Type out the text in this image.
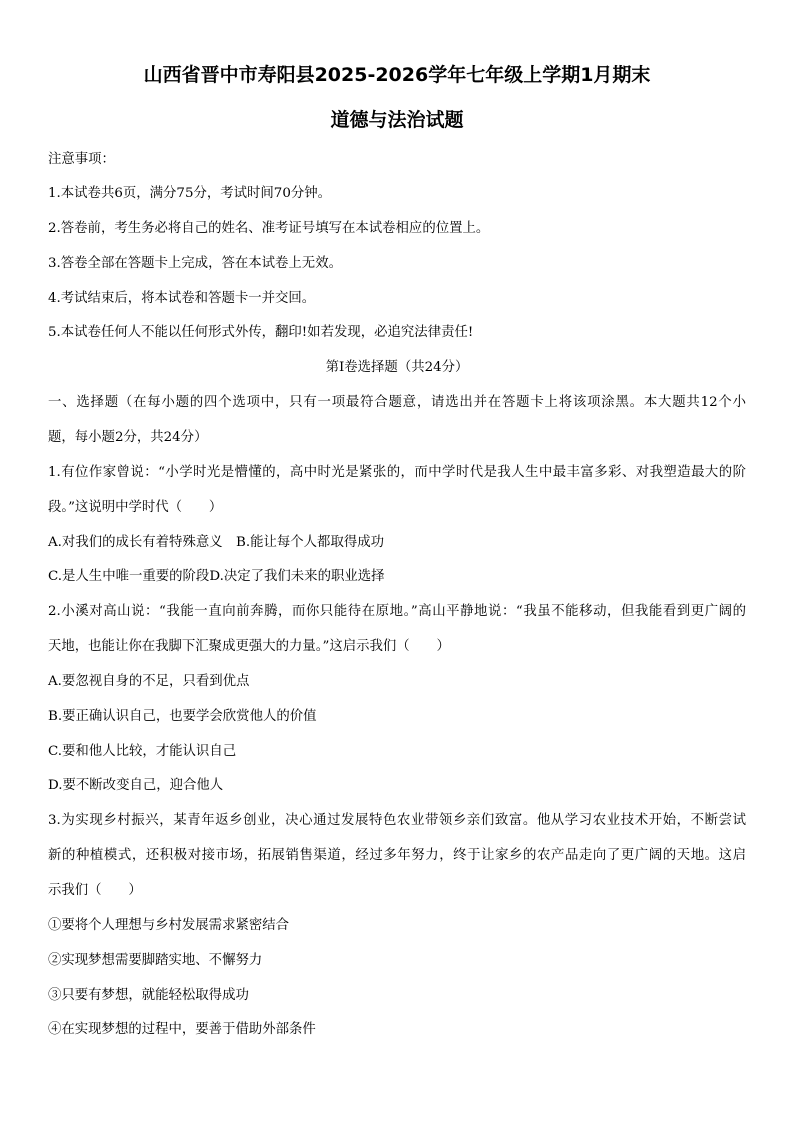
山西省晋中市寿阳县2025-2026学年七年级上学期1月期末
道德与法治试题
注意事项：
1.本试卷共6页，满分75分，考试时间70分钟。
2.答卷前，考生务必将自己的姓名、准考证号填写在本试卷相应的位置上。
3.答卷全部在答题卡上完成，答在本试卷上无效。
4.考试结束后，将本试卷和答题卡一并交回。
5.本试卷任何人不能以任何形式外传，翻印!如若发现，必追究法律责任!
第I卷选择题（共24分）
一、选择题（在每小题的四个选项中，只有一项最符合题意，请选出并在答题卡上将该项涂黑。本大题共12个小
题，每小题2分，共24分）
1.有位作家曾说：“小学时光是懵懂的，高中时光是紧张的，而中学时代是我人生中最丰富多彩、对我塑造最大的阶
段。”这说明中学时代（　　）
A.对我们的成长有着特殊意义　B.能让每个人都取得成功
C.是人生中唯一重要的阶段D.决定了我们未来的职业选择
2.小溪对高山说：“我能一直向前奔腾，而你只能待在原地。”高山平静地说：“我虽不能移动，但我能看到更广阔的
天地，也能让你在我脚下汇聚成更强大的力量。”这启示我们（　　）
A.要忽视自身的不足，只看到优点
B.要正确认识自己，也要学会欣赏他人的价值
C.要和他人比较，才能认识自己
D.要不断改变自己，迎合他人
3.为实现乡村振兴，某青年返乡创业，决心通过发展特色农业带领乡亲们致富。他从学习农业技术开始，不断尝试
新的种植模式，还积极对接市场，拓展销售渠道，经过多年努力，终于让家乡的农产品走向了更广阔的天地。这启
示我们（　　）
①要将个人理想与乡村发展需求紧密结合
②实现梦想需要脚踏实地、不懈努力
③只要有梦想，就能轻松取得成功
④在实现梦想的过程中，要善于借助外部条件
